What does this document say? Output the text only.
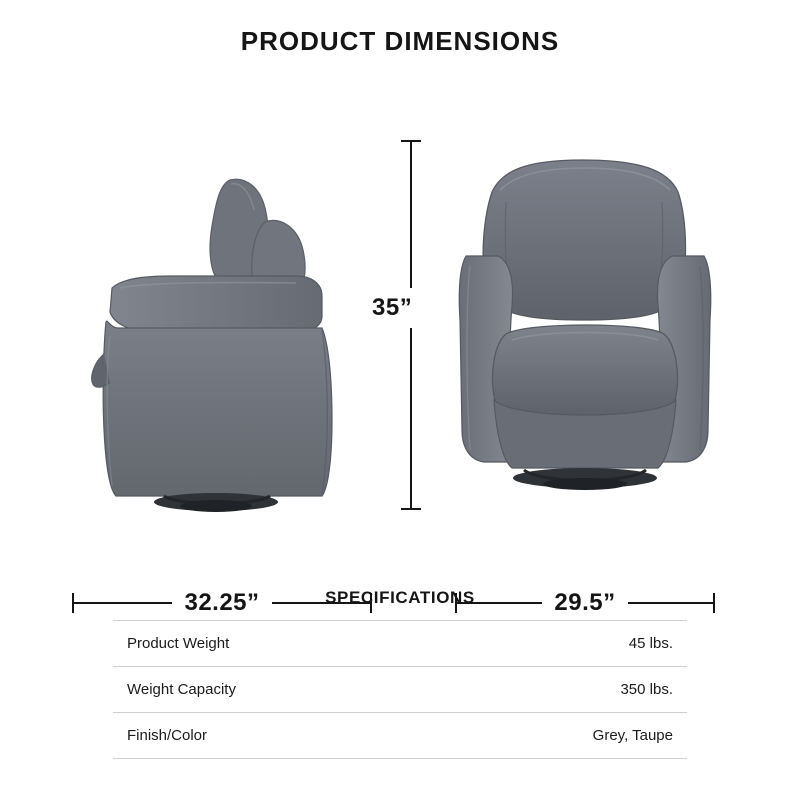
PRODUCT DIMENSIONS
35”
32.25”	29.5”
SPECIFICATIONS
Product Weight	45 lbs.
Weight Capacity	350 lbs.
Finish/Color	Grey, Taupe
